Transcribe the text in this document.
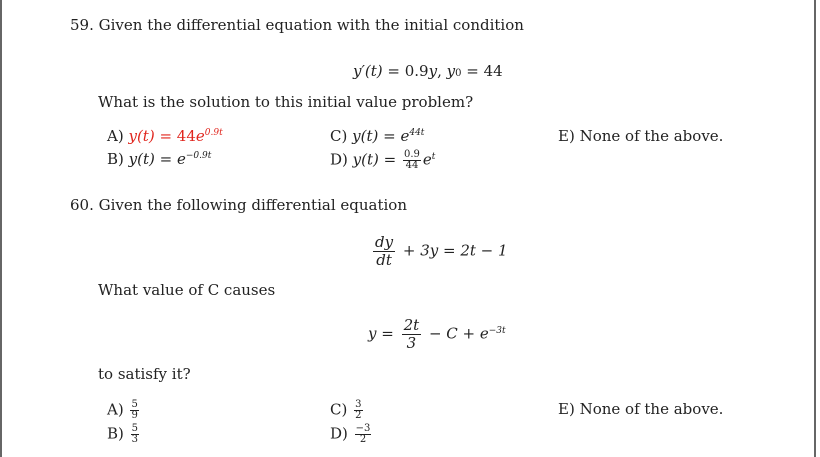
59. Given the differential equation with the initial condition
y′(t) = 0.9y, y0 = 44
What is the solution to this initial value problem?
A) $y(t) = 44e^{0.9t}$
B) $y(t) = e^{-0.9t}$
C) $y(t) = e^{44t}$
D) $y(t) = \frac{0.9}{44} e^t$
E) None of the above.
60. Given the following differential equation
$\frac{dy}{dt} + 3y = 2t - 1$
What value of C causes
$y = \frac{2t}{3} - C + e^{-3t}$
to satisfy it?
$A) \frac{5}{9}$
$B) \frac{5}{3}$
$C) \frac{3}{2}$
$D) \frac{-3}{2}$
E) None of the above.
